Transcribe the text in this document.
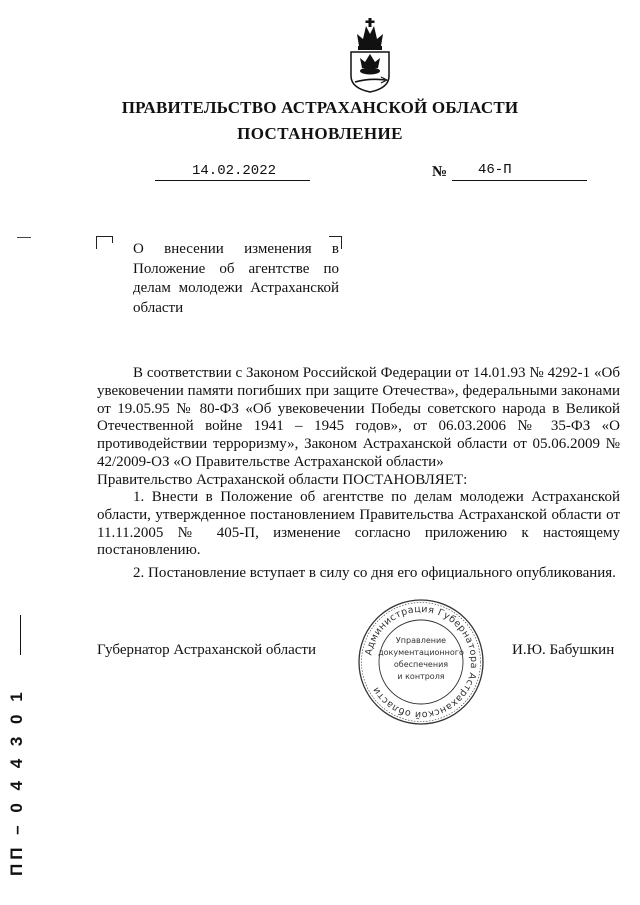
ПРАВИТЕЛЬСТВО АСТРАХАНСКОЙ ОБЛАСТИ
ПОСТАНОВЛЕНИЕ
14.02.2022	№ 46-П
О внесении изменения в Положение об агентстве по делам молодежи Астраханской области

В соответствии с Законом Российской Федерации от 14.01.93 № 4292-1 «Об увековечении памяти погибших при защите Отечества», федеральными законами от 19.05.95 № 80-ФЗ «Об увековечении Победы советского народа в Великой Отечественной войне 1941 – 1945 годов», от 06.03.2006 № 35-ФЗ «О противодействии терроризму», Законом Астраханской области от 05.06.2009 № 42/2009-ОЗ «О Правительстве Астраханской области»

Правительство Астраханской области ПОСТАНОВЛЯЕТ:

1. Внести в Положение об агентстве по делам молодежи Астраханской области, утвержденное постановлением Правительства Астраханской области от 11.11.2005 № 405-П, изменение согласно приложению к настоящему постановлению.

2. Постановление вступает в силу со дня его официального опубликования.

Губернатор Астраханской области	И.Ю. Бабушкин
Администрация Губернатора Астраханской области
Управление
документационного
обеспечения
и контроля
ПП – 0 4 4 3 0 1
